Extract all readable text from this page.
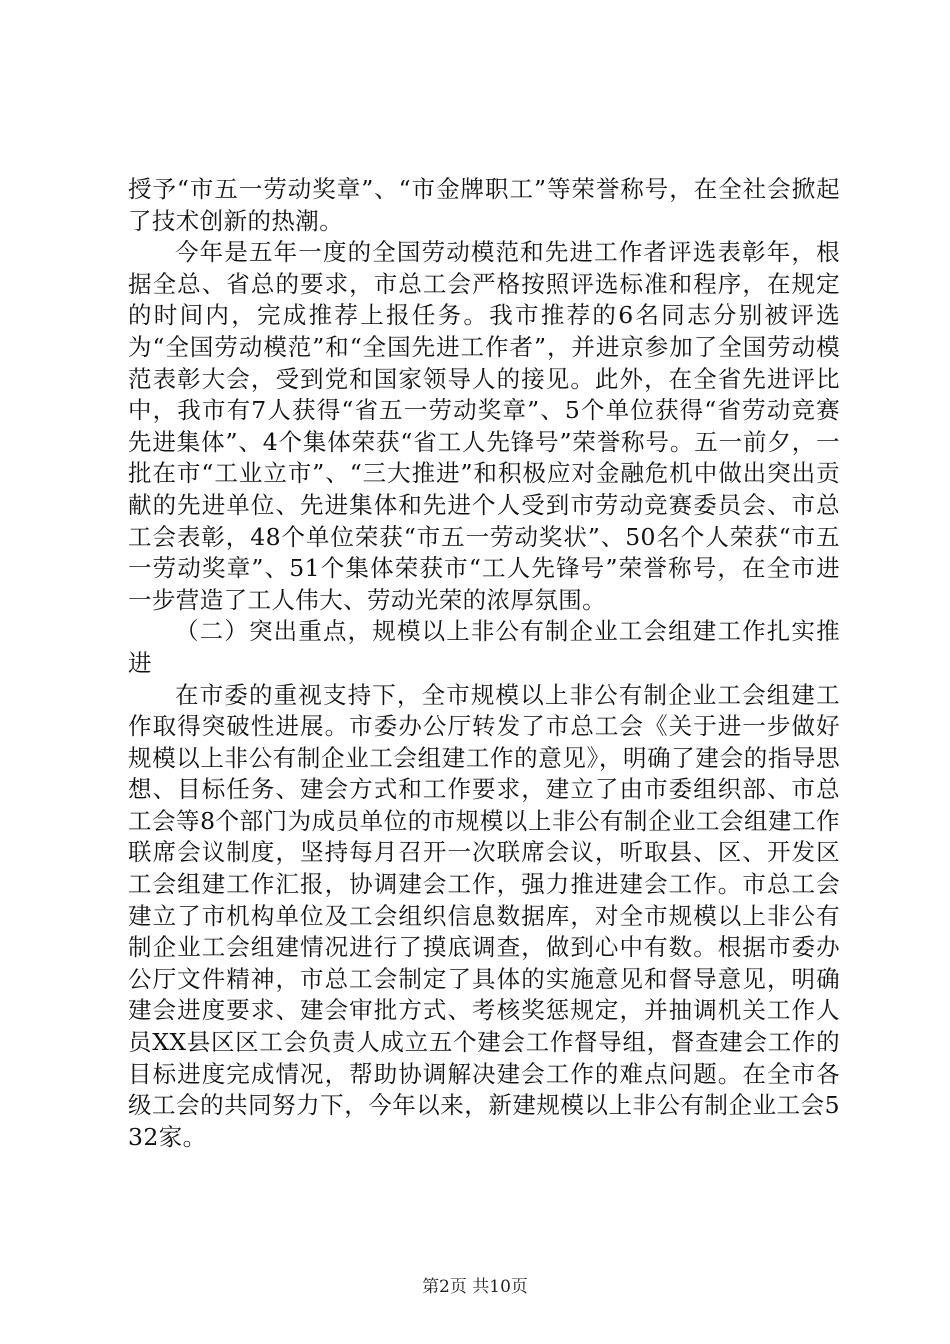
授予“市五一劳动奖章”、“市金牌职工”等荣誉称号，在全社会掀起了技术创新的热潮。

今年是五年一度的全国劳动模范和先进工作者评选表彰年，根据全总、省总的要求，市总工会严格按照评选标准和程序，在规定的时间内，完成推荐上报任务。我市推荐的6名同志分别被评选为“全国劳动模范”和“全国先进工作者”，并进京参加了全国劳动模范表彰大会，受到党和国家领导人的接见。此外，在全省先进评比中，我市有7人获得“省五一劳动奖章”、5个单位获得“省劳动竞赛先进集体”、4个集体荣获“省工人先锋号”荣誉称号。五一前夕，一批在市“工业立市”、“三大推进”和积极应对金融危机中做出突出贡献的先进单位、先进集体和先进个人受到市劳动竞赛委员会、市总工会表彰，48个单位荣获“市五一劳动奖状”、50名个人荣获“市五一劳动奖章”、51个集体荣获市“工人先锋号”荣誉称号，在全市进一步营造了工人伟大、劳动光荣的浓厚氛围。

（二）突出重点，规模以上非公有制企业工会组建工作扎实推进

在市委的重视支持下，全市规模以上非公有制企业工会组建工作取得突破性进展。市委办公厅转发了市总工会《关于进一步做好规模以上非公有制企业工会组建工作的意见》，明确了建会的指导思想、目标任务、建会方式和工作要求，建立了由市委组织部、市总工会等8个部门为成员单位的市规模以上非公有制企业工会组建工作联席会议制度，坚持每月召开一次联席会议，听取县、区、开发区工会组建工作汇报，协调建会工作，强力推进建会工作。市总工会建立了市机构单位及工会组织信息数据库，对全市规模以上非公有制企业工会组建情况进行了摸底调查，做到心中有数。根据市委办公厅文件精神，市总工会制定了具体的实施意见和督导意见，明确建会进度要求、建会审批方式、考核奖惩规定，并抽调机关工作人员XX县区区工会负责人成立五个建会工作督导组，督查建会工作的目标进度完成情况，帮助协调解决建会工作的难点问题。在全市各级工会的共同努力下，今年以来，新建规模以上非公有制企业工会532家。

第2页 共10页
